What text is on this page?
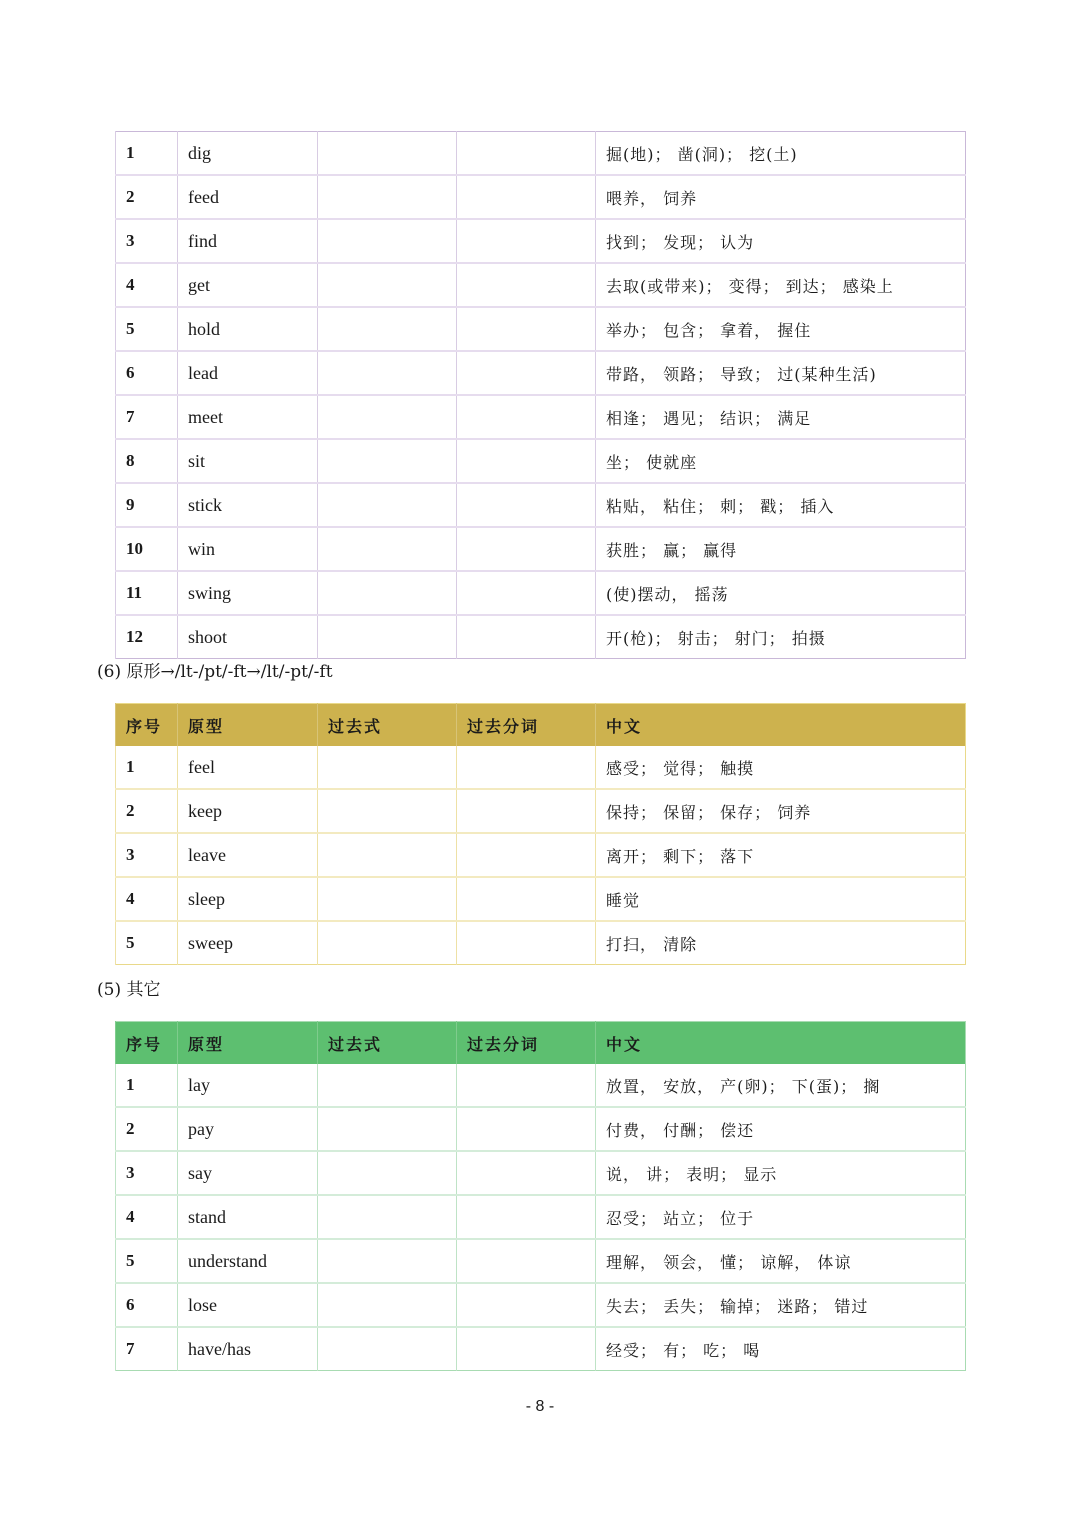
1	dig			掘(地)； 凿(洞)； 挖(土)
2	feed			喂养， 饲养
3	find			找到； 发现； 认为
4	get			去取(或带来)； 变得； 到达； 感染上
5	hold			举办； 包含； 拿着， 握住
6	lead			带路， 领路； 导致； 过(某种生活)
7	meet			相逢； 遇见； 结识； 满足
8	sit			坐； 使就座
9	stick			粘贴， 粘住； 刺； 戳； 插入
10	win			获胜； 赢； 赢得
11	swing			(使)摆动， 摇荡
12	shoot			开(枪)； 射击； 射门； 拍摄
(6) 原形→/lt-/pt/-ft→/lt/-pt/-ft
序号	原型	过去式	过去分词	中文
1	feel			感受； 觉得； 触摸
2	keep			保持； 保留； 保存； 饲养
3	leave			离开； 剩下； 落下
4	sleep			睡觉
5	sweep			打扫， 清除
(5) 其它
序号	原型	过去式	过去分词	中文
1	lay			放置， 安放， 产(卵)； 下(蛋)； 搁
2	pay			付费， 付酬； 偿还
3	say			说， 讲； 表明； 显示
4	stand			忍受； 站立； 位于
5	understand			理解， 领会， 懂； 谅解， 体谅
6	lose			失去； 丢失； 输掉； 迷路； 错过
7	have/has			经受； 有； 吃； 喝
- 8 -
